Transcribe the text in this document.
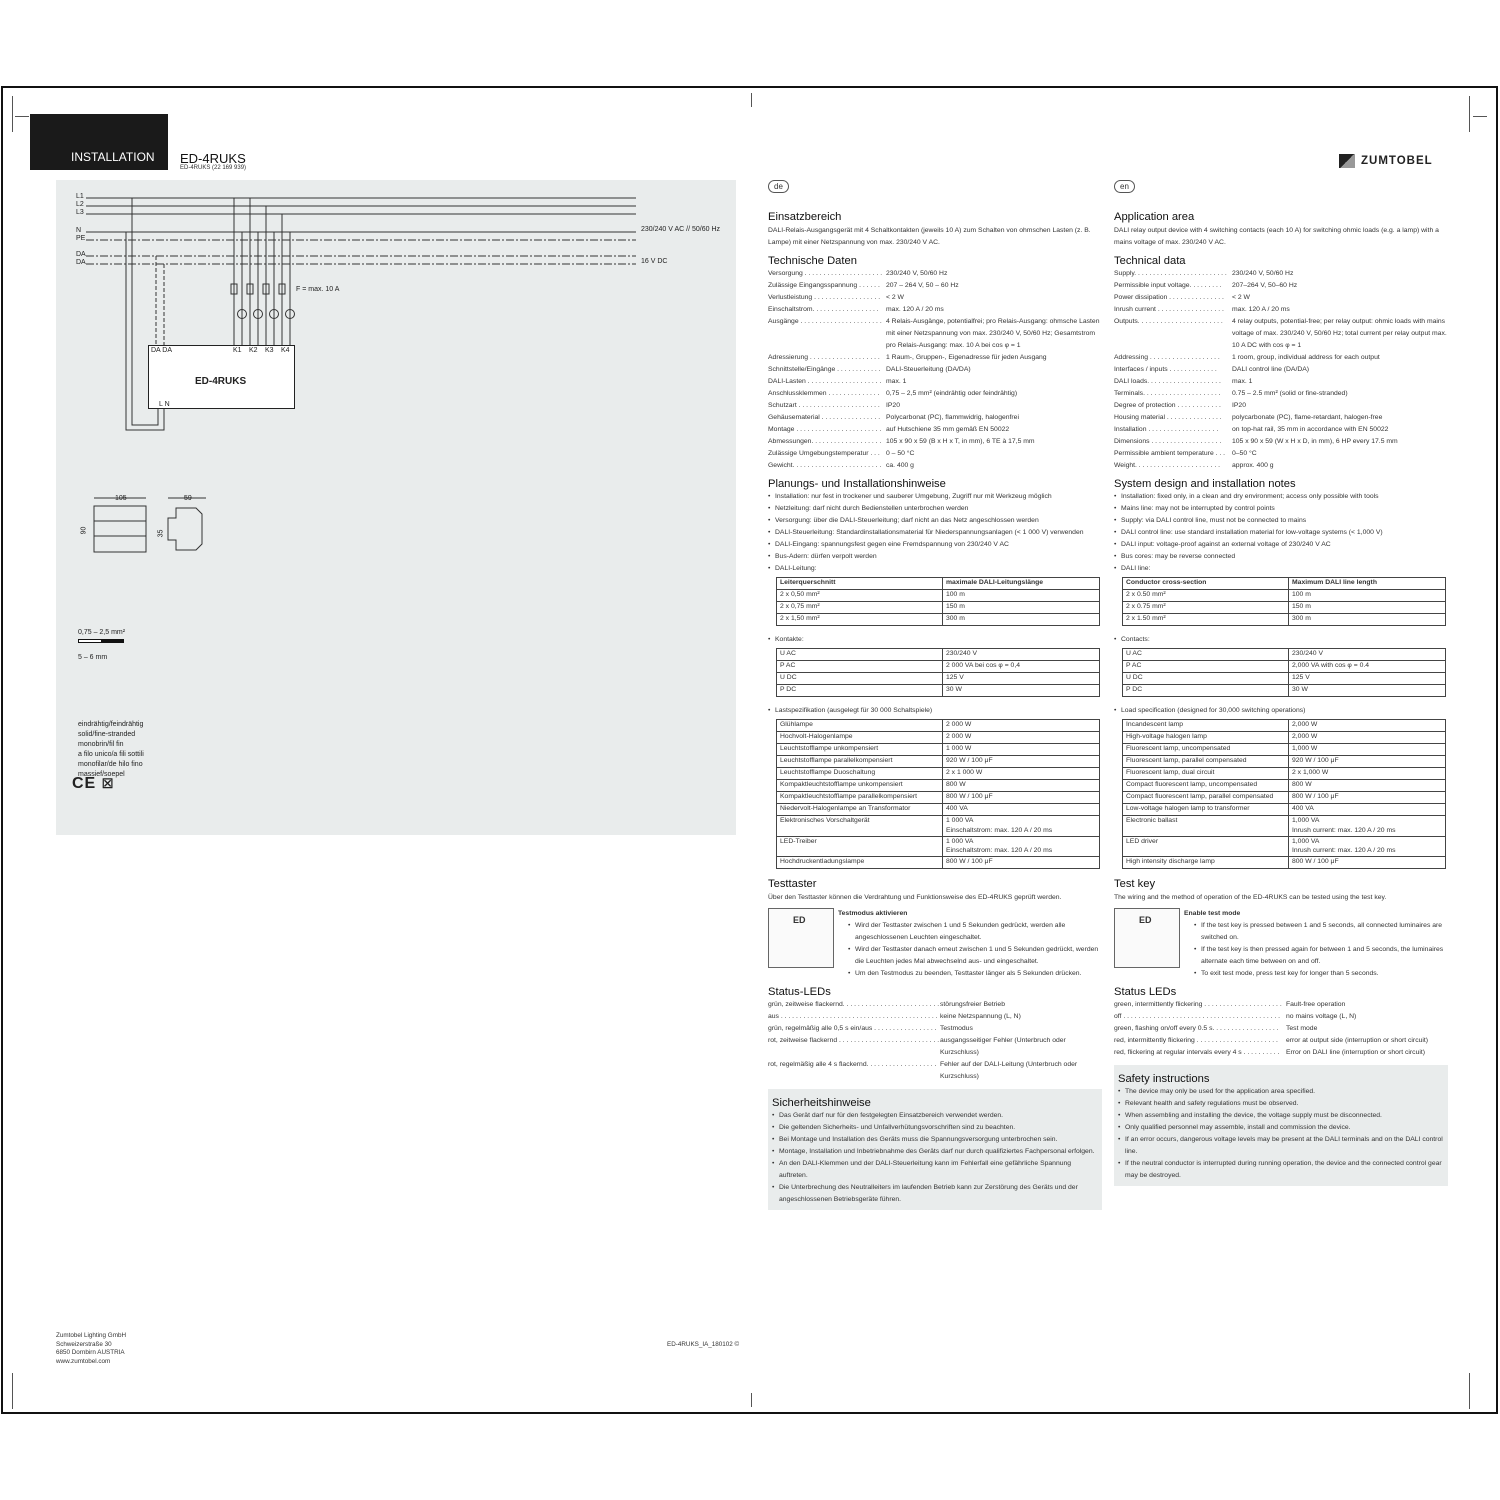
INSTALLATION	ED-4RUKS
ED-4RUKS (22 169 939)
L1
L2
L3
N
PE
DA
DA
230/240 V AC // 50/60 Hz
16 V DC
F = max. 10 A
DA DA	K1 K2 K3 K4
ED-4RUKS
L N
105	59
90	35
0,75 – 2,5 mm²
5 – 6 mm
eindrähtig/feindrähtig
solid/fine-stranded
monobrin/fil fin
a filo unico/a fili sottili
monofilar/de hilo fino
massief/soepel
CE ☒
Zumtobel Lighting GmbH
Schweizerstraße 30
6850 Dornbirn AUSTRIA
www.zumtobel.com
ED-4RUKS_IA_180102 ©
ZUMTOBEL
de
Einsatzbereich
DALI-Relais-Ausgangsgerät mit 4 Schaltkontakten (jeweils 10 A) zum Schalten von ohmschen Lasten (z. B. Lampe) mit einer Netzspannung von max. 230/240 V AC.
Technische Daten
Versorgung . . . . . . . . . . . . . . . . . . . . . 230/240 V, 50/60 Hz
Zulässige Eingangsspannung . . . . . . 207 – 264 V, 50 – 60 Hz
Verlustleistung . . . . . . . . . . . . . . . . . . < 2 W
Einschaltstrom. . . . . . . . . . . . . . . . . .	max. 120 A / 20 ms
Ausgänge . . . . . . . . . . . . . . . . . . . . . . 4 Relais-Ausgänge, potentialfrei; pro Relais-Ausgang: ohmsche Lasten mit einer Netzspannung von max. 230/240 V, 50/60 Hz; Gesamtstrom pro Relais-Ausgang: max. 10 A bei cos φ = 1
Adressierung . . . . . . . . . . . . . . . . . . . 1 Raum-, Gruppen-, Eigenadresse für jeden Ausgang
Schnittstelle/Eingänge . . . . . . . . . . . . DALI-Steuerleitung (DA/DA)
DALI-Lasten . . . . . . . . . . . . . . . . . . . . max. 1
Anschlussklemmen . . . . . . . . . . . . . . 0,75 – 2,5 mm² (eindrähtig oder feindrähtig)
Schutzart . . . . . . . . . . . . . . . . . . . . . . IP20
Gehäusematerial . . . . . . . . . . . . . . . . Polycarbonat (PC), flammwidrig, halogenfrei
Montage . . . . . . . . . . . . . . . . . . . . . . . auf Hutschiene 35 mm gemäß EN 50022
Abmessungen. . . . . . . . . . . . . . . . . . . 105 x 90 x 59 (B x H x T, in mm), 6 TE à 17,5 mm
Zulässige Umgebungstemperatur . . . 0 – 50 °C
Gewicht. . . . . . . . . . . . . . . . . . . . . . . . ca. 400 g
Planungs- und Installationshinweise
• Installation: nur fest in trockener und sauberer Umgebung, Zugriff nur mit Werkzeug möglich
• Netzleitung: darf nicht durch Bedienstellen unterbrochen werden
• Versorgung: über die DALI-Steuerleitung; darf nicht an das Netz angeschlossen werden
• DALI-Steuerleitung: Standardinstallationsmaterial für Niederspannungsanlagen (< 1 000 V) verwenden
• DALI-Eingang: spannungsfest gegen eine Fremdspannung von 230/240 V AC
• Bus-Adern: dürfen verpolt werden
• DALI-Leitung:
Leiterquerschnitt	maximale DALI-Leitungslänge
2 x 0,50 mm²	100 m
2 x 0,75 mm²	150 m
2 x 1,50 mm²	300 m
• Kontakte:
U AC	230/240 V
P AC	2 000 VA bei cos φ = 0,4
U DC	125 V
P DC	30 W
• Lastspezifikation (ausgelegt für 30 000 Schaltspiele)
Glühlampe	2 000 W
Hochvolt-Halogenlampe	2 000 W
Leuchtstofflampe unkompensiert	1 000 W
Leuchtstofflampe parallelkompensiert	920 W / 100 μF
Leuchtstofflampe Duoschaltung	2 x 1 000 W
Kompaktleuchtstofflampe unkompensiert	800 W
Kompaktleuchtstofflampe parallelkompensiert	800 W / 100 μF
Niedervolt-Halogenlampe an Transformator	400 VA
Elektronisches Vorschaltgerät	1 000 VA
Einschaltstrom: max. 120 A / 20 ms
LED-Treiber	1 000 VA
Einschaltstrom: max. 120 A / 20 ms
Hochdruckentladungslampe	800 W / 100 μF
Testtaster
Über den Testtaster können die Verdrahtung und Funktionsweise des ED-4RUKS geprüft werden.
ED
Testmodus aktivieren
• Wird der Testtaster zwischen 1 und 5 Sekunden gedrückt, werden alle angeschlossenen Leuchten eingeschaltet.
• Wird der Testtaster danach erneut zwischen 1 und 5 Sekunden gedrückt, werden die Leuchten jedes Mal abwechselnd aus- und eingeschaltet.
• Um den Testmodus zu beenden, Testtaster länger als 5 Sekunden drücken.
Status-LEDs
grün, zeitweise flackernd. . . . . . . . . . . . . . . . . . . . . . . . . . störungsfreier Betrieb
aus . . . . . . . . . . . . . . . . . . . . . . . . . . . . . . . . . . . . . . . . . . keine Netzspannung (L, N)
grün, regelmäßig alle 0,5 s ein/aus . . . . . . . . . . . . . . . . . Testmodus
rot, zeitweise flackernd . . . . . . . . . . . . . . . . . . . . . . . . . . . ausgangsseitiger Fehler (Unterbruch oder Kurzschluss)
rot, regelmäßig alle 4 s flackernd. . . . . . . . . . . . . . . . . . . Fehler auf der DALI-Leitung (Unterbruch oder Kurzschluss)
Sicherheitshinweise
• Das Gerät darf nur für den festgelegten Einsatzbereich verwendet werden.
• Die geltenden Sicherheits- und Unfallverhütungsvorschriften sind zu beachten.
• Bei Montage und Installation des Geräts muss die Spannungsversorgung unterbrochen sein.
• Montage, Installation und Inbetriebnahme des Geräts darf nur durch qualifiziertes Fachpersonal erfolgen.
• An den DALI-Klemmen und der DALI-Steuerleitung kann im Fehlerfall eine gefährliche Spannung auftreten.
• Die Unterbrechung des Neutralleiters im laufenden Betrieb kann zur Zerstörung des Geräts und der angeschlossenen Betriebsgeräte führen.
en
Application area
DALI relay output device with 4 switching contacts (each 10 A) for switching ohmic loads (e.g. a lamp) with a mains voltage of max. 230/240 V AC.
Technical data
Supply. . . . . . . . . . . . . . . . . . . . . . . . . 230/240 V, 50/60 Hz
Permissible input voltage. . . . . . . . .	207–264 V, 50–60 Hz
Power dissipation . . . . . . . . . . . . . . .	< 2 W
Inrush current . . . . . . . . . . . . . . . . . .	max. 120 A / 20 ms
Outputs. . . . . . . . . . . . . . . . . . . . . . .	4 relay outputs, potential-free; per relay output: ohmic loads with mains voltage of max. 230/240 V, 50/60 Hz; total current per relay output max. 10 A DC with cos φ = 1
Addressing . . . . . . . . . . . . . . . . . . .	1 room, group, individual address for each output
Interfaces / inputs . . . . . . . . . . . . .	DALI control line (DA/DA)
DALI loads. . . . . . . . . . . . . . . . . . . .	max. 1
Terminals. . . . . . . . . . . . . . . . . . . . .	0.75 – 2.5 mm² (solid or fine-stranded)
Degree of protection . . . . . . . . . . . .	IP20
Housing material . . . . . . . . . . . . . . .	polycarbonate (PC), flame-retardant, halogen-free
Installation . . . . . . . . . . . . . . . . . . .	on top-hat rail, 35 mm in accordance with EN 50022
Dimensions . . . . . . . . . . . . . . . . . . .	105 x 90 x 59 (W x H x D, in mm), 6 HP every 17.5 mm
Permissible ambient temperature . . .	0–50 °C
Weight. . . . . . . . . . . . . . . . . . . . . . .	approx. 400 g
System design and installation notes
• Installation: fixed only, in a clean and dry environment; access only possible with tools
• Mains line: may not be interrupted by control points
• Supply: via DALI control line, must not be connected to mains
• DALI control line: use standard installation material for low-voltage systems (< 1,000 V)
• DALI input: voltage-proof against an external voltage of 230/240 V AC
• Bus cores: may be reverse connected
• DALI line:
Conductor cross-section	Maximum DALI line length
2 x 0.50 mm²	100 m
2 x 0.75 mm²	150 m
2 x 1.50 mm²	300 m
• Contacts:
U AC	230/240 V
P AC	2,000 VA with cos φ = 0.4
U DC	125 V
P DC	30 W
• Load specification (designed for 30,000 switching operations)
Incandescent lamp	2,000 W
High-voltage halogen lamp	2,000 W
Fluorescent lamp, uncompensated	1,000 W
Fluorescent lamp, parallel compensated	920 W / 100 μF
Fluorescent lamp, dual circuit	2 x 1,000 W
Compact fluorescent lamp, uncompensated	800 W
Compact fluorescent lamp, parallel compensated	800 W / 100 μF
Low-voltage halogen lamp to transformer	400 VA
Electronic ballast	1,000 VA
Inrush current: max. 120 A / 20 ms
LED driver	1,000 VA
Inrush current: max. 120 A / 20 ms
High intensity discharge lamp	800 W / 100 μF
Test key
The wiring and the method of operation of the ED-4RUKS can be tested using the test key.
ED
Enable test mode
• If the test key is pressed between 1 and 5 seconds, all connected luminaires are switched on.
• If the test key is then pressed again for between 1 and 5 seconds, the luminaires alternate each time between on and off.
• To exit test mode, press test key for longer than 5 seconds.
Status LEDs
green, intermittently flickering . . . . . . . . . . . . . . . . . . . . . Fault-free operation
off . . . . . . . . . . . . . . . . . . . . . . . . . . . . . . . . . . . . . . . . . . no mains voltage (L, N)
green, flashing on/off every 0.5 s. . . . . . . . . . . . . . . . . .	Test mode
red, intermittently flickering . . . . . . . . . . . . . . . . . . . . . .	error at output side (interruption or short circuit)
red, flickering at regular intervals every 4 s . . . . . . . . . . Error on DALI line (interruption or short circuit)
Safety instructions
• The device may only be used for the application area specified.
• Relevant health and safety regulations must be observed.
• When assembling and installing the device, the voltage supply must be disconnected.
• Only qualified personnel may assemble, install and commission the device.
• If an error occurs, dangerous voltage levels may be present at the DALI terminals and on the DALI control line.
• If the neutral conductor is interrupted during running operation, the device and the connected control gear may be destroyed.
